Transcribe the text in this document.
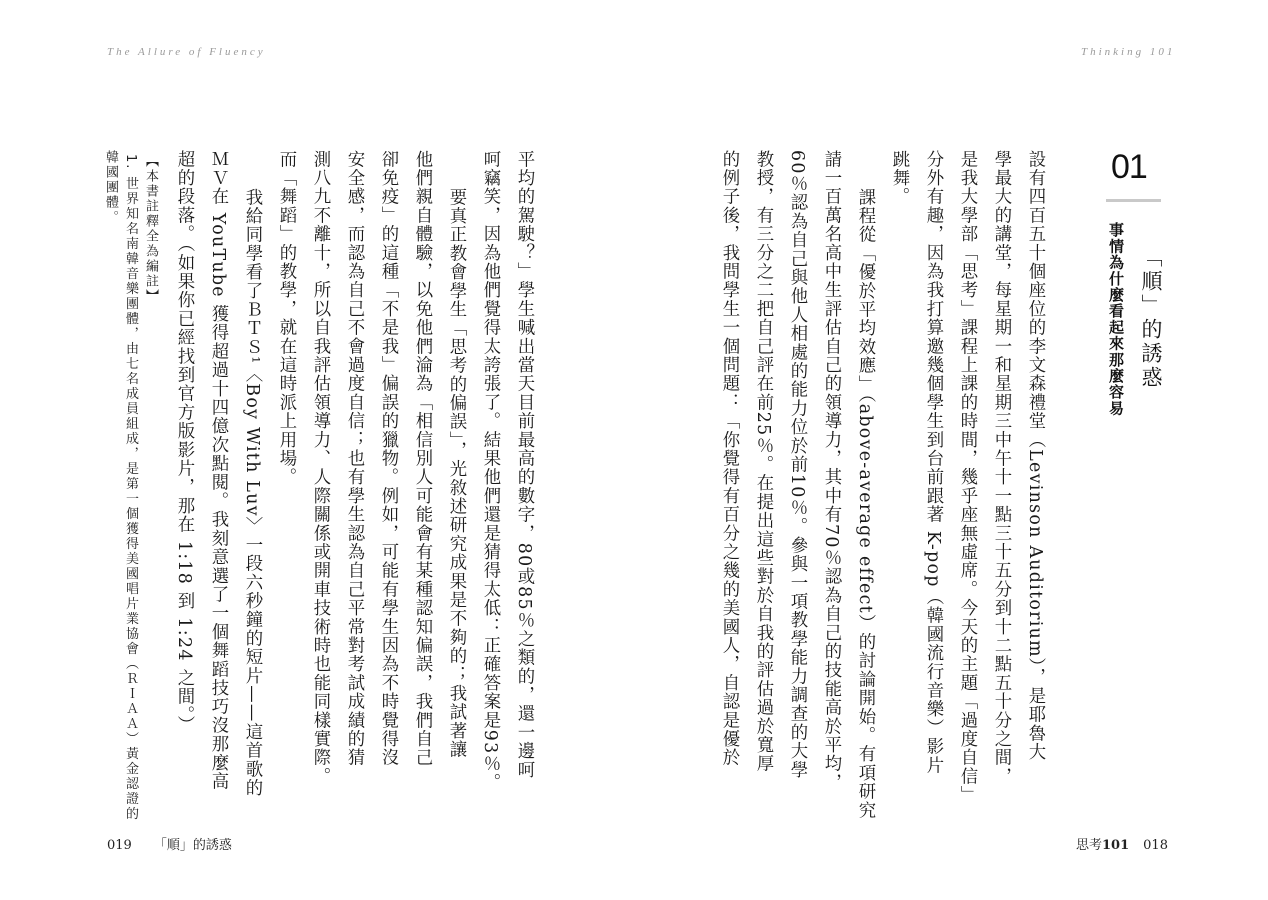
The Allure of Fluency	Thinking 101
01
「順」的誘惑
事情為什麼看起來那麼容易
設有四百五十個座位的李文森禮堂（Levinson Auditorium），是耶魯大
學最大的講堂，每星期一和星期三中午十一點三十五分到十二點五十分之間，
是我大學部「思考」課程上課的時間，幾乎座無虛席。今天的主題「過度自信」
分外有趣，因為我打算邀幾個學生到台前跟著 K-pop（韓國流行音樂）影片
跳舞。
課程從「優於平均效應」（above-average effect）的討論開始。有項研究
請一百萬名高中生評估自己的領導力，其中有70％認為自己的技能高於平均，
60％認為自己與他人相處的能力位於前10％。參與一項教學能力調查的大學
教授，有三分之二把自己評在前25％。在提出這些對於自我的評估過於寬厚
的例子後，我問學生一個問題：「你覺得有百分之幾的美國人，自認是優於
平均的駕駛？」學生喊出當天目前最高的數字，80或85％之類的，還一邊呵
呵竊笑，因為他們覺得太誇張了。結果他們還是猜得太低：正確答案是93％。
要真正教會學生「思考的偏誤」，光敘述研究成果是不夠的；我試著讓
他們親自體驗，以免他們淪為「相信別人可能會有某種認知偏誤，我們自己
卻免疫」的這種「不是我」偏誤的獵物。例如，可能有學生因為不時覺得沒
安全感，而認為自己不會過度自信；也有學生認為自己平常對考試成績的猜
測八九不離十，所以自我評估領導力、人際關係或開車技術時也能同樣實際。
而「舞蹈」的教學，就在這時派上用場。
我給同學看了ＢＴＳ¹〈Boy With Luv〉一段六秒鐘的短片——這首歌的
ＭＶ在 YouTube 獲得超過十四億次點閱。我刻意選了一個舞蹈技巧沒那麼高
超的段落。（如果你已經找到官方版影片，那在 1:18 到 1:24 之間。）
【本書註釋全為編註】
1. 世界知名南韓音樂團體，由七名成員組成，是第一個獲得美國唱片業協會（ＲＩＡＡ）黃金認證的
韓國團體。
019 「順」的誘惑	思考101 018
